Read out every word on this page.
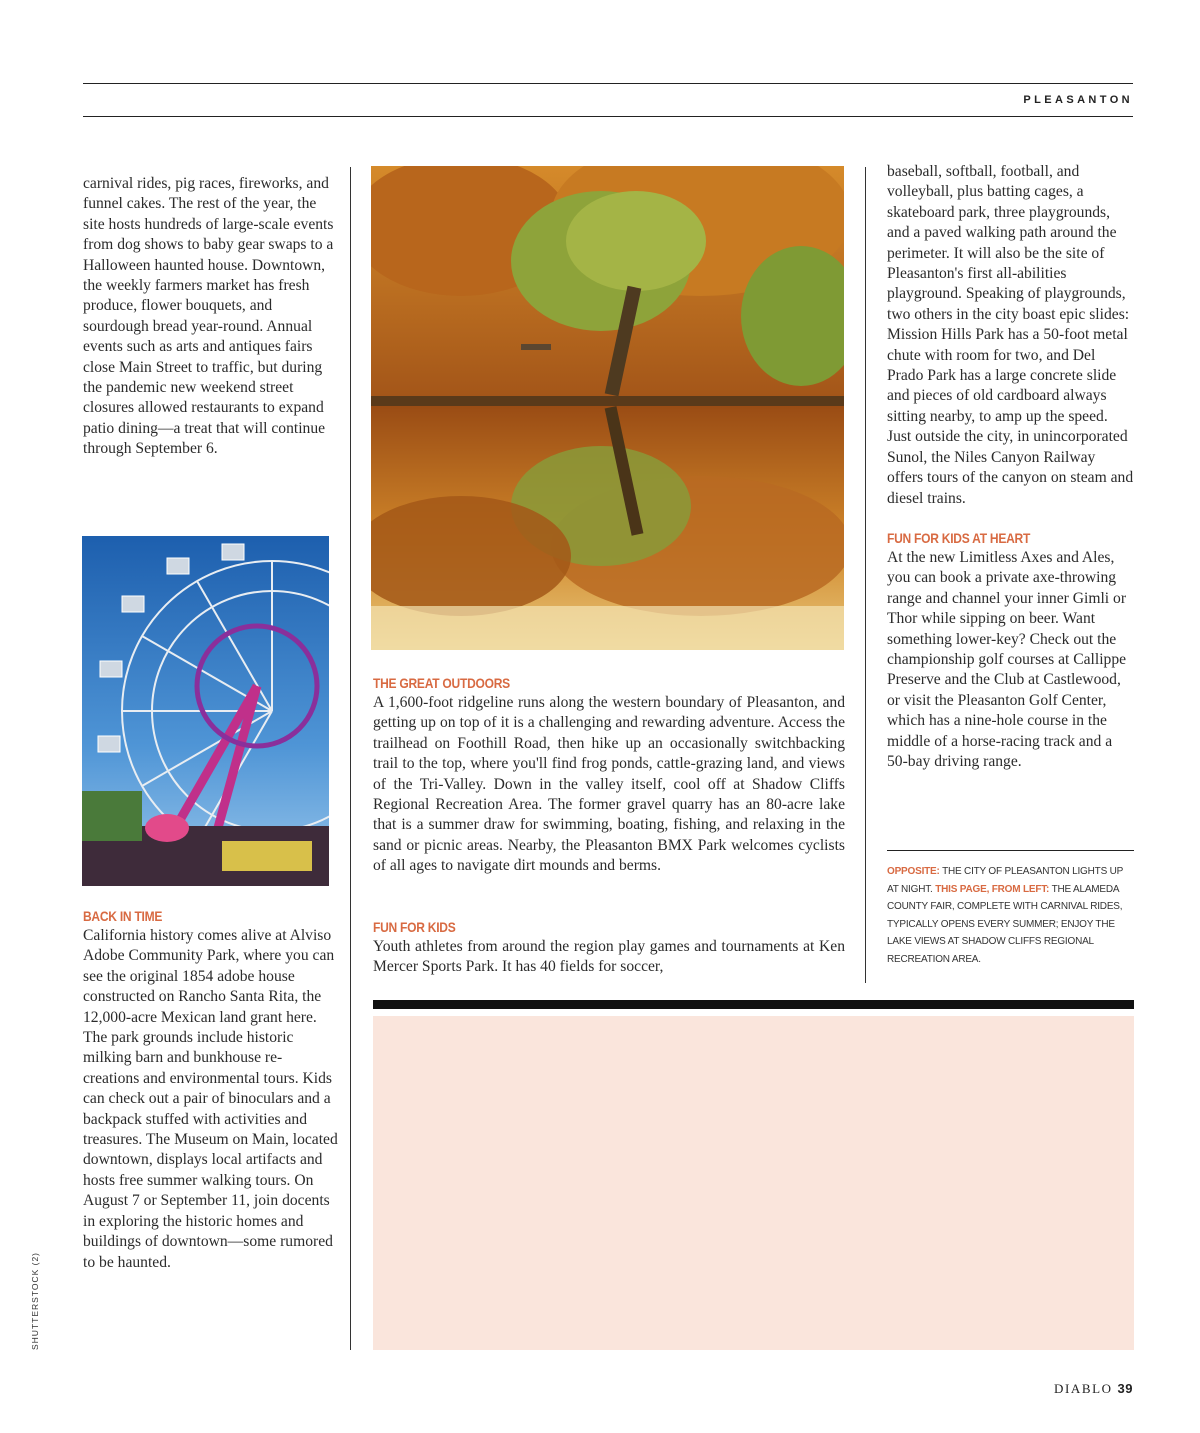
PLEASANTON

carnival rides, pig races, fireworks, and funnel cakes. The rest of the year, the site hosts hundreds of large-scale events from dog shows to baby gear swaps to a Halloween haunted house. Downtown, the weekly farmers market has fresh produce, flower bouquets, and sourdough bread year-round. Annual events such as arts and antiques fairs close Main Street to traffic, but during the pandemic new weekend street closures allowed restaurants to expand patio dining—a treat that will continue through September 6.

BACK IN TIME

California history comes alive at Alviso Adobe Community Park, where you can see the original 1854 adobe house constructed on Rancho Santa Rita, the 12,000-acre Mexican land grant here. The park grounds include historic milking barn and bunkhouse re-creations and environmental tours. Kids can check out a pair of binoculars and a backpack stuffed with activities and treasures. The Museum on Main, located downtown, displays local artifacts and hosts free summer walking tours. On August 7 or September 11, join docents in exploring the historic homes and buildings of downtown—some rumored to be haunted.

THE GREAT OUTDOORS

A 1,600-foot ridgeline runs along the western boundary of Pleasanton, and getting up on top of it is a challenging and rewarding adventure. Access the trailhead on Foothill Road, then hike up an occasionally switchbacking trail to the top, where you'll find frog ponds, cattle-grazing land, and views of the Tri-Valley. Down in the valley itself, cool off at Shadow Cliffs Regional Recreation Area. The former gravel quarry has an 80-acre lake that is a summer draw for swimming, boating, fishing, and relaxing in the sand or picnic areas. Nearby, the Pleasanton BMX Park welcomes cyclists of all ages to navigate dirt mounds and berms.

FUN FOR KIDS

Youth athletes from around the region play games and tournaments at Ken Mercer Sports Park. It has 40 fields for soccer,

baseball, softball, football, and volleyball, plus batting cages, a skateboard park, three playgrounds, and a paved walking path around the perimeter. It will also be the site of Pleasanton's first all-abilities playground. Speaking of playgrounds, two others in the city boast epic slides: Mission Hills Park has a 50-foot metal chute with room for two, and Del Prado Park has a large concrete slide and pieces of old cardboard always sitting nearby, to amp up the speed. Just outside the city, in unincorporated Sunol, the Niles Canyon Railway offers tours of the canyon on steam and diesel trains.

FUN FOR KIDS AT HEART

At the new Limitless Axes and Ales, you can book a private axe-throwing range and channel your inner Gimli or Thor while sipping on beer. Want something lower-key? Check out the championship golf courses at Callippe Preserve and the Club at Castlewood, or visit the Pleasanton Golf Center, which has a nine-hole course in the middle of a horse-racing track and a 50-bay driving range.

OPPOSITE: THE CITY OF PLEASANTON LIGHTS UP AT NIGHT. THIS PAGE, FROM LEFT: THE ALAMEDA COUNTY FAIR, COMPLETE WITH CARNIVAL RIDES, TYPICALLY OPENS EVERY SUMMER; ENJOY THE LAKE VIEWS AT SHADOW CLIFFS REGIONAL RECREATION AREA.

SHUTTERSTOCK (2)
DIABLO 39
